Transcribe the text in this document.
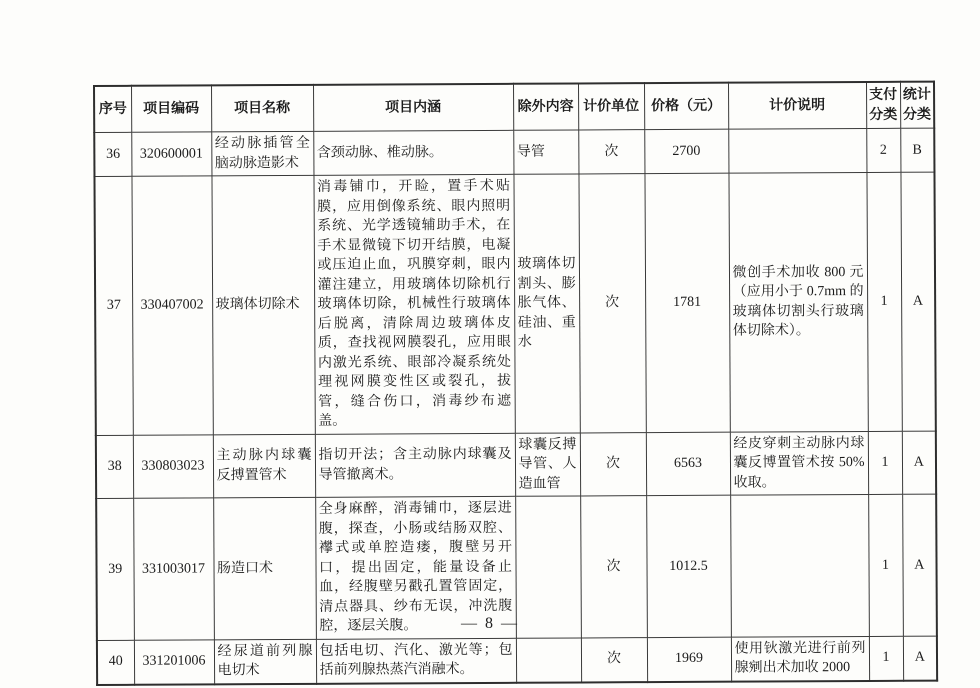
序号	项目编码	项目名称	项目内涵	除外内容	计价单位	价格（元）	计价说明	支付分类	统计分类
36	320600001	经动脉插管全脑动脉造影术	含颈动脉、椎动脉。	导管	次	2700		2	B
37	330407002	玻璃体切除术	消毒铺巾，开睑，置手术贴膜，应用倒像系统、眼内照明系统、光学透镜辅助手术，在手术显微镜下切开结膜，电凝或压迫止血，巩膜穿刺，眼内灌注建立，用玻璃体切除机行玻璃体切除，机械性行玻璃体后脱离，清除周边玻璃体皮质，查找视网膜裂孔，应用眼内激光系统、眼部冷凝系统处理视网膜变性区或裂孔，拔管，缝合伤口，消毒纱布遮盖。	玻璃体切割头、膨胀气体、硅油、重水	次	1781	微创手术加收 800 元（应用小于 0.7mm 的玻璃体切割头行玻璃体切除术）。	1	A
38	330803023	主动脉内球囊反搏置管术	指切开法；含主动脉内球囊及导管撤离术。	球囊反搏导管、人造血管	次	6563	经皮穿刺主动脉内球囊反博置管术按 50% 收取。	1	A
39	331003017	肠造口术	全身麻醉，消毒铺巾，逐层进腹，探查，小肠或结肠双腔、襻式或单腔造瘘，腹壁另开口，提出固定，能量设备止血，经腹壁另戳孔置管固定，清点器具、纱布无误，冲洗腹腔，逐层关腹。		次	1012.5		1	A
40	331201006	经尿道前列腺电切术	包括电切、汽化、激光等；包括前列腺热蒸汽消融术。		次	1969	使用钬激光进行前列腺剜出术加收 2000	1	A
— 8 —
